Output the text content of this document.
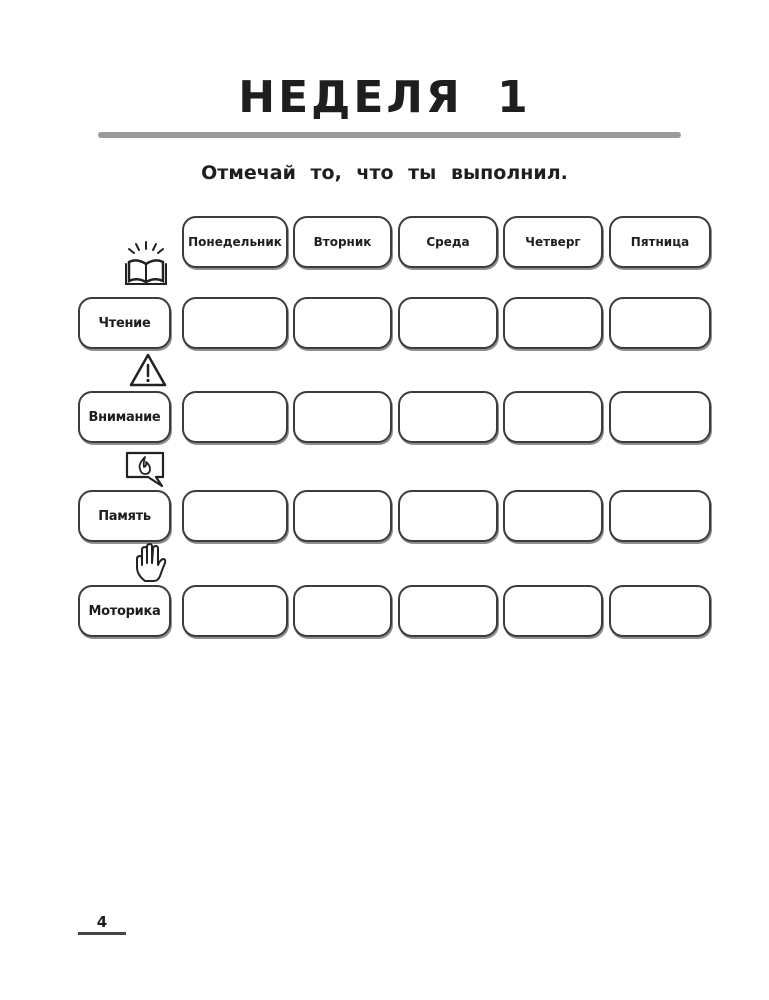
НЕДЕЛЯ 1
Отмечай то, что ты выполнил.
Понедельник	Вторник	Среда	Четверг	Пятница
Чтение
Внимание
Память
Моторика
4
